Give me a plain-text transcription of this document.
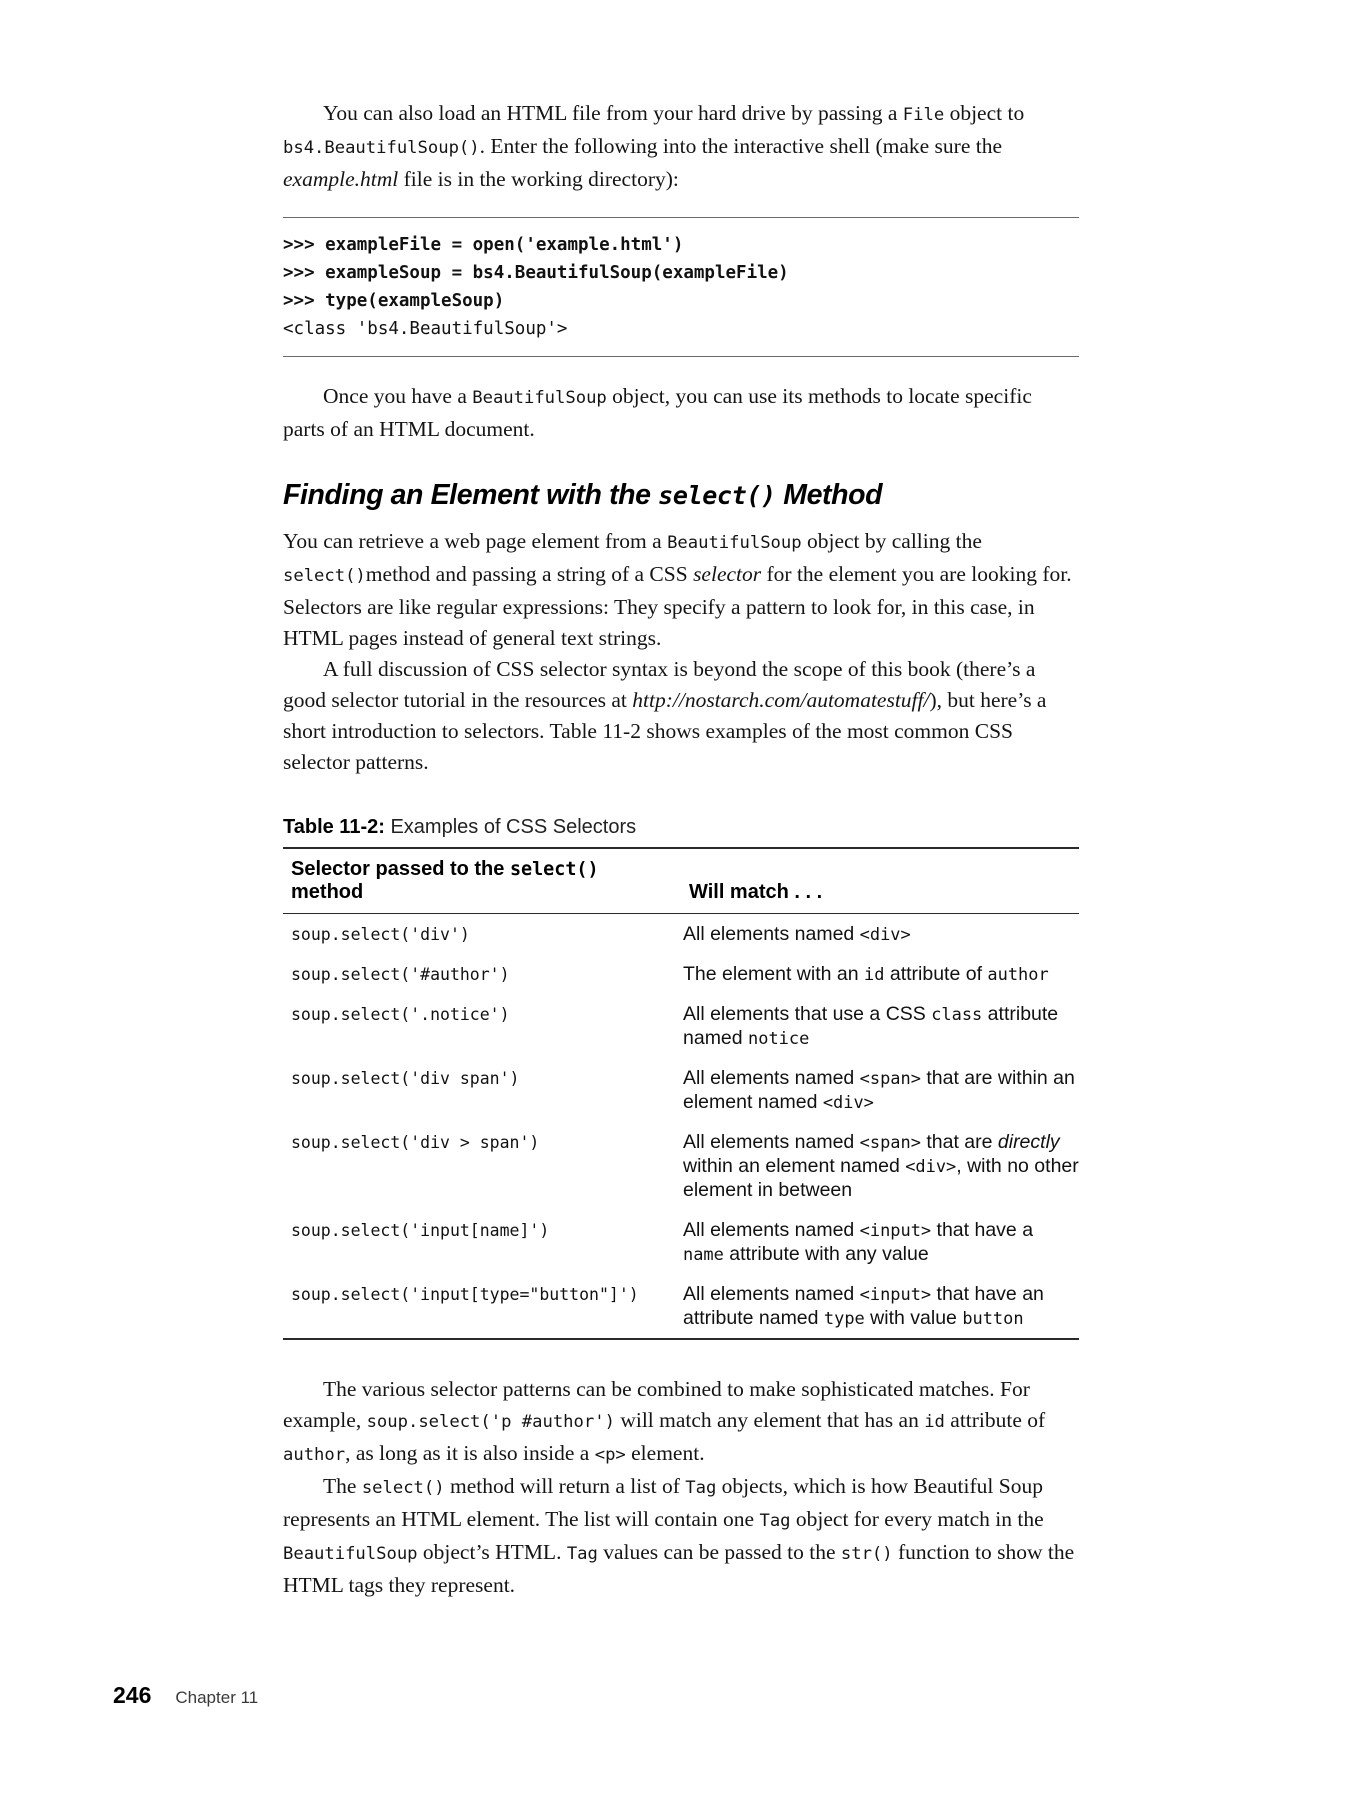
You can also load an HTML file from your hard drive by passing a File object to bs4.BeautifulSoup(). Enter the following into the interactive shell (make sure the example.html file is in the working directory):

>>> exampleFile = open('example.html')
>>> exampleSoup = bs4.BeautifulSoup(exampleFile)
>>> type(exampleSoup)
<class 'bs4.BeautifulSoup'>

Once you have a BeautifulSoup object, you can use its methods to locate specific parts of an HTML document.

Finding an Element with the select() Method

You can retrieve a web page element from a BeautifulSoup object by calling the select()method and passing a string of a CSS selector for the element you are looking for. Selectors are like regular expressions: They specify a pattern to look for, in this case, in HTML pages instead of general text strings.

A full discussion of CSS selector syntax is beyond the scope of this book (there’s a good selector tutorial in the resources at http://nostarch.com/automatestuff/), but here’s a short introduction to selectors. Table 11-2 shows examples of the most common CSS selector patterns.

Table 11-2: Examples of CSS Selectors
Selector passed to the select() method	Will match . . .
soup.select('div')	All elements named <div>
soup.select('#author')	The element with an id attribute of author
soup.select('.notice')	All elements that use a CSS class attribute named notice
soup.select('div span')	All elements named <span> that are within an element named <div>
soup.select('div > span')	All elements named <span> that are directly within an element named <div>, with no other element in between
soup.select('input[name]')	All elements named <input> that have a name attribute with any value
soup.select('input[type="button"]')	All elements named <input> that have an attribute named type with value button

The various selector patterns can be combined to make sophisticated matches. For example, soup.select('p #author') will match any element that has an id attribute of author, as long as it is also inside a <p> element.

The select() method will return a list of Tag objects, which is how Beautiful Soup represents an HTML element. The list will contain one Tag object for every match in the BeautifulSoup object’s HTML. Tag values can be passed to the str() function to show the HTML tags they represent.

246 Chapter 11
